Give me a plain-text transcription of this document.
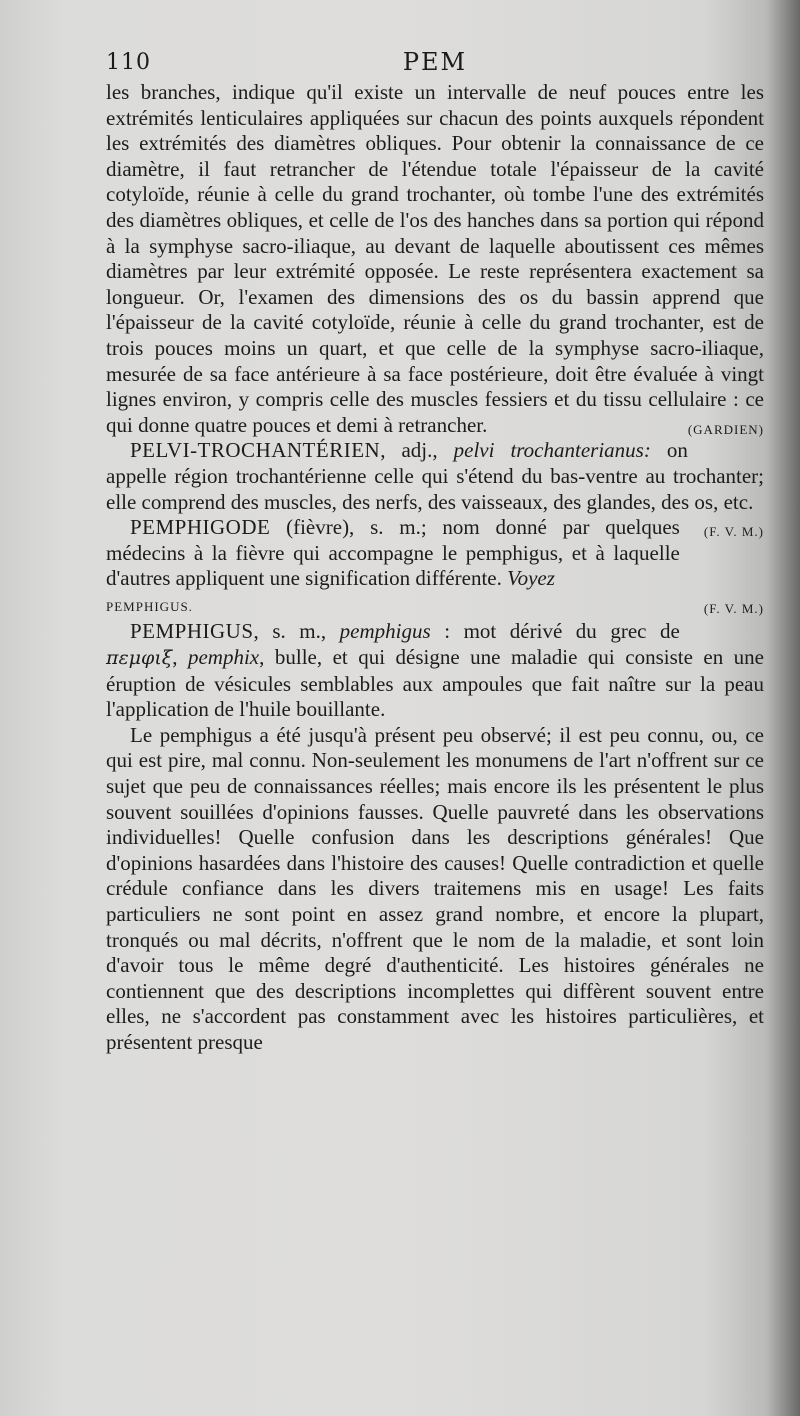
110	PEM

les branches, indique qu'il existe un intervalle de neuf pouces entre les extrémités lenticulaires appliquées sur chacun des points auxquels répondent les extrémités des diamètres obliques. Pour obtenir la connaissance de ce diamètre, il faut retrancher de l'étendue totale l'épaisseur de la cavité cotyloïde, réunie à celle du grand trochanter, où tombe l'une des extrémités des diamètres obliques, et celle de l'os des hanches dans sa portion qui répond à la symphyse sacro-iliaque, au devant de laquelle aboutissent ces mêmes diamètres par leur extrémité opposée. Le reste représentera exactement sa longueur. Or, l'examen des dimensions des os du bassin apprend que l'épaisseur de la cavité cotyloïde, réunie à celle du grand trochanter, est de trois pouces moins un quart, et que celle de la symphyse sacro-iliaque, mesurée de sa face antérieure à sa face postérieure, doit être évaluée à vingt lignes environ, y compris celle des muscles fessiers et du tissu cellulaire : ce qui donne quatre pouces et demi à retrancher.	(GARDIEN)

PELVI-TROCHANTÉRIEN, adj., pelvi trochanterianus: on appelle région trochantérienne celle qui s'étend du bas-ventre au trochanter; elle comprend des muscles, des nerfs, des vaisseaux, des glandes, des os, etc.
(F. V. M.)

PEMPHIGODE (fièvre), s. m.; nom donné par quelques médecins à la fièvre qui accompagne le pemphigus, et à laquelle d'autres appliquent une signification différente. Voyez
PEMPHIGUS.	(F. V. M.)

PEMPHIGUS, s. m., pemphigus : mot dérivé du grec de πεμφιξ, pemphix, bulle, et qui désigne une maladie qui consiste en une éruption de vésicules semblables aux ampoules que fait naître sur la peau l'application de l'huile bouillante.

Le pemphigus a été jusqu'à présent peu observé; il est peu connu, ou, ce qui est pire, mal connu. Non-seulement les monumens de l'art n'offrent sur ce sujet que peu de connaissances réelles; mais encore ils les présentent le plus souvent souillées d'opinions fausses. Quelle pauvreté dans les observations individuelles! Quelle confusion dans les descriptions générales! Que d'opinions hasardées dans l'histoire des causes! Quelle contradiction et quelle crédule confiance dans les divers traitemens mis en usage! Les faits particuliers ne sont point en assez grand nombre, et encore la plupart, tronqués ou mal décrits, n'offrent que le nom de la maladie, et sont loin d'avoir tous le même degré d'authenticité. Les histoires générales ne contiennent que des descriptions incomplettes qui diffèrent souvent entre elles, ne s'accordent pas constamment avec les histoires particulières, et présentent presque
